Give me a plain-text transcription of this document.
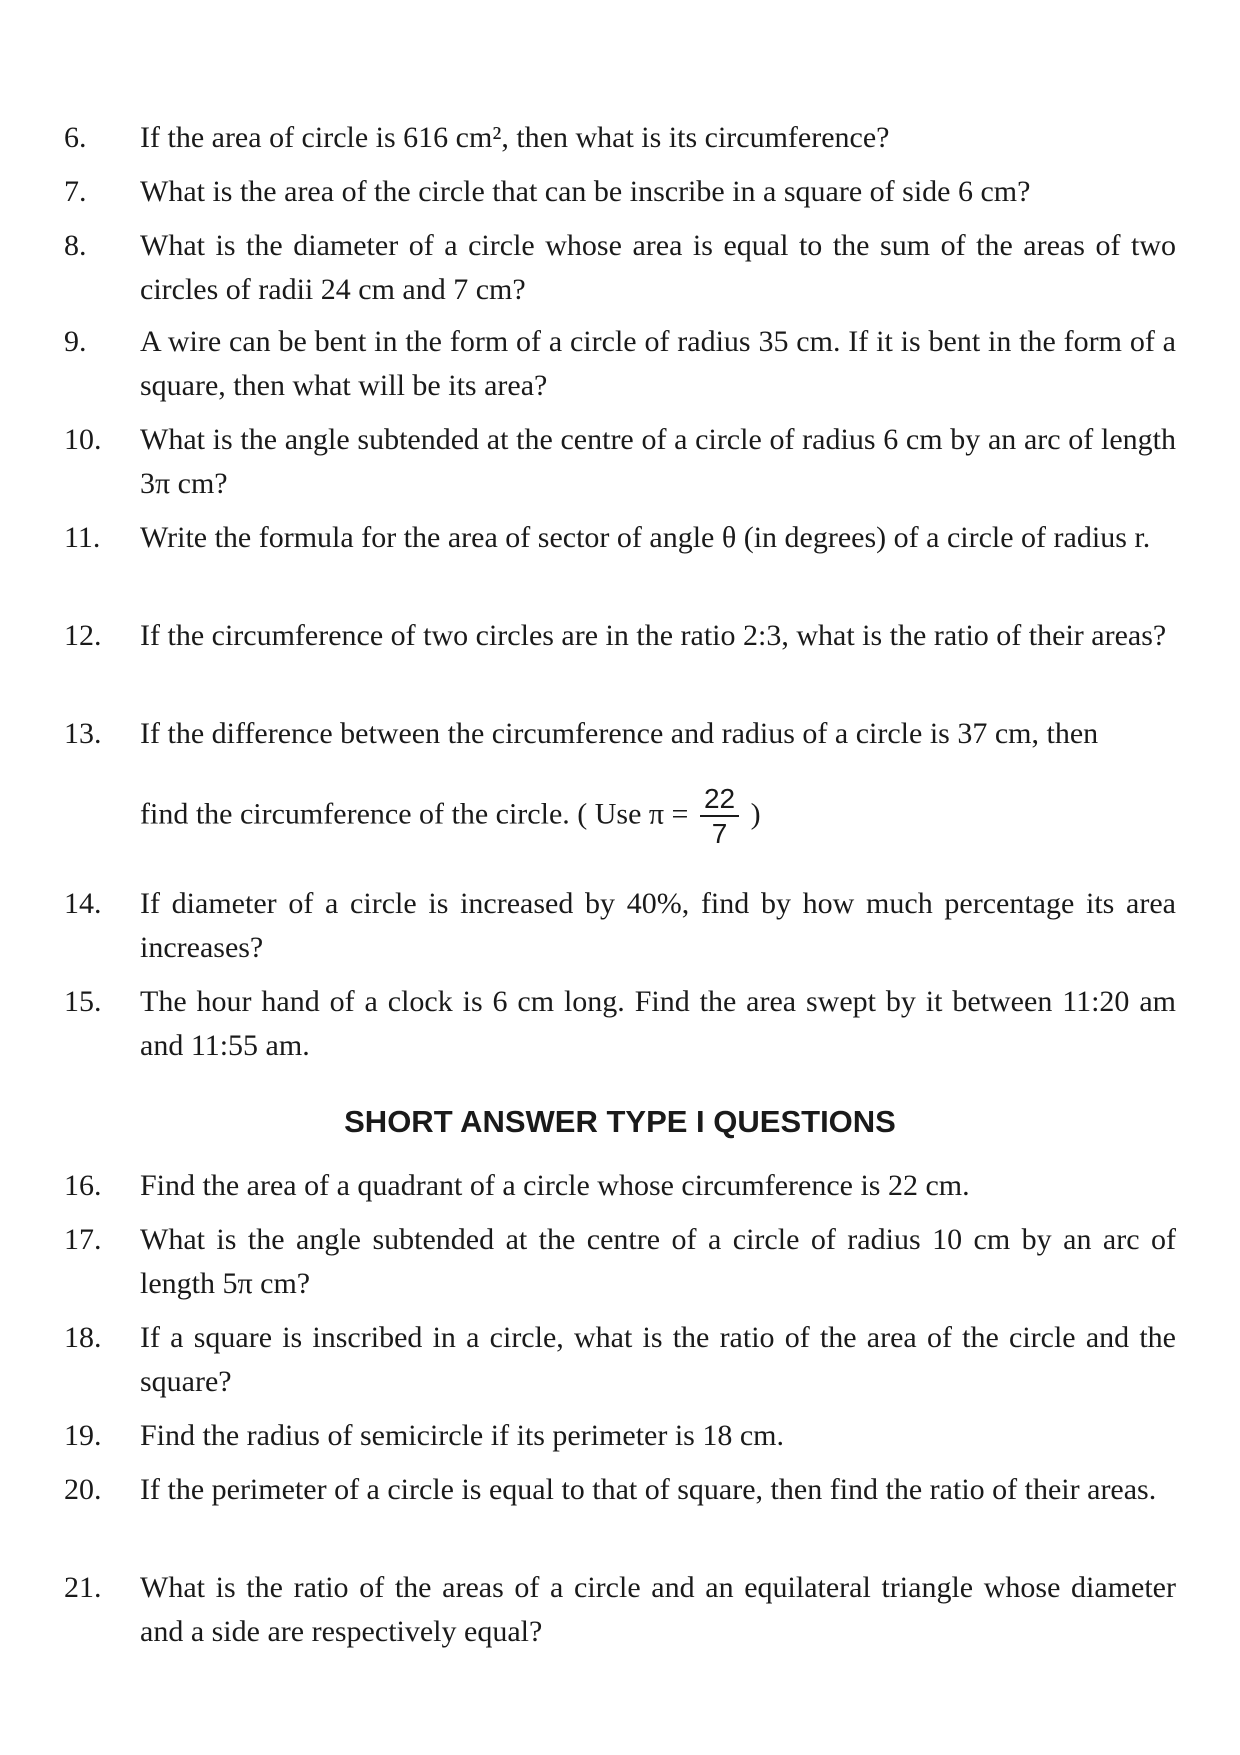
6.	If the area of circle is 616 cm², then what is its circumference?
7.	What is the area of the circle that can be inscribe in a square of side 6 cm?
8.	What is the diameter of a circle whose area is equal to the sum of the areas of two circles of radii 24 cm and 7 cm?
9.	A wire can be bent in the form of a circle of radius 35 cm. If it is bent in the form of a square, then what will be its area?
10.	What is the angle subtended at the centre of a circle of radius 6 cm by an arc of length 3π cm?
11.	Write the formula for the area of sector of angle θ (in degrees) of a circle of radius r.
12.	If the circumference of two circles are in the ratio 2:3, what is the ratio of their areas?
13.	If the difference between the circumference and radius of a circle is 37 cm, then
find the circumference of the circle. ( Use $\pi = \frac{22}{7}$ )
14.	If diameter of a circle is increased by 40%, find by how much percentage its area increases?
15.	The hour hand of a clock is 6 cm long. Find the area swept by it between 11:20 am and 11:55 am.
SHORT ANSWER TYPE I QUESTIONS
16.	Find the area of a quadrant of a circle whose circumference is 22 cm.
17.	What is the angle subtended at the centre of a circle of radius 10 cm by an arc of length 5π cm?
18.	If a square is inscribed in a circle, what is the ratio of the area of the circle and the square?
19.	Find the radius of semicircle if its perimeter is 18 cm.
20.	If the perimeter of a circle is equal to that of square, then find the ratio of their areas.
21.	What is the ratio of the areas of a circle and an equilateral triangle whose diameter and a side are respectively equal?
